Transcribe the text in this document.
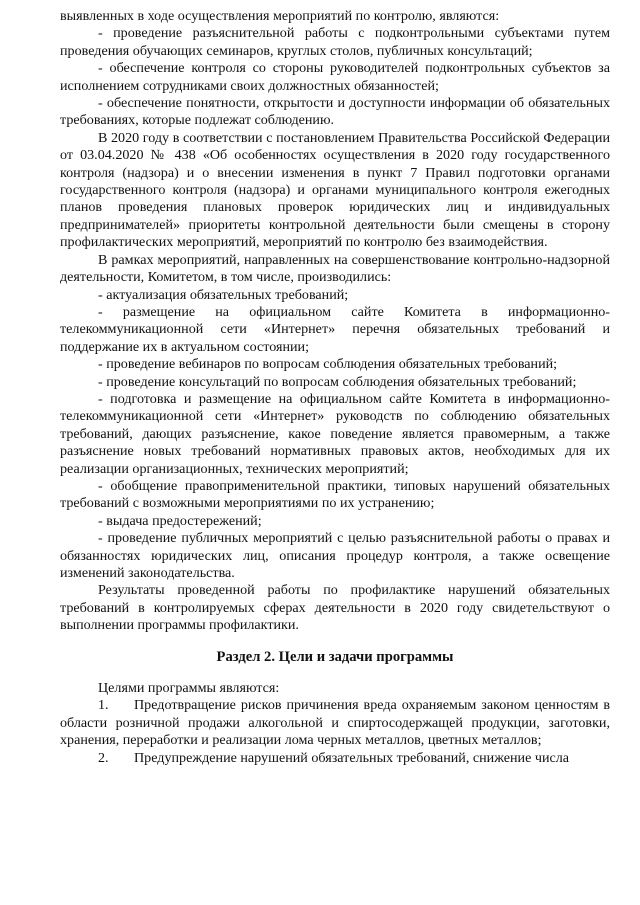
выявленных в ходе осуществления мероприятий по контролю, являются:

- проведение разъяснительной работы с подконтрольными субъектами путем проведения обучающих семинаров, круглых столов, публичных консультаций;

- обеспечение контроля со стороны руководителей подконтрольных субъектов за исполнением сотрудниками своих должностных обязанностей;

- обеспечение понятности, открытости и доступности информации об обязательных требованиях, которые подлежат соблюдению.

В 2020 году в соответствии с постановлением Правительства Российской Федерации от 03.04.2020 № 438 «Об особенностях осуществления в 2020 году государственного контроля (надзора) и о внесении изменения в пункт 7 Правил подготовки органами государственного контроля (надзора) и органами муниципального контроля ежегодных планов проведения плановых проверок юридических лиц и индивидуальных предпринимателей» приоритеты контрольной деятельности были смещены в сторону профилактических мероприятий, мероприятий по контролю без взаимодействия.

В рамках мероприятий, направленных на совершенствование контрольно-надзорной деятельности, Комитетом, в том числе, производились:

- актуализация обязательных требований;

- размещение на официальном сайте Комитета в информационно-телекоммуникационной сети «Интернет» перечня обязательных требований и поддержание их в актуальном состоянии;

- проведение вебинаров по вопросам соблюдения обязательных требований;

- проведение консультаций по вопросам соблюдения обязательных требований;

- подготовка и размещение на официальном сайте Комитета в информационно-телекоммуникационной сети «Интернет» руководств по соблюдению обязательных требований, дающих разъяснение, какое поведение является правомерным, а также разъяснение новых требований нормативных правовых актов, необходимых для их реализации организационных, технических мероприятий;

- обобщение правоприменительной практики, типовых нарушений обязательных требований с возможными мероприятиями по их устранению;

- выдача предостережений;

- проведение публичных мероприятий с целью разъяснительной работы о правах и обязанностях юридических лиц, описания процедур контроля, а также освещение изменений законодательства.

Результаты проведенной работы по профилактике нарушений обязательных требований в контролируемых сферах деятельности в 2020 году свидетельствуют о выполнении программы профилактики.

Раздел 2. Цели и задачи программы

Целями программы являются:

1. Предотвращение рисков причинения вреда охраняемым законом ценностям в области розничной продажи алкогольной и спиртосодержащей продукции, заготовки, хранения, переработки и реализации лома черных металлов, цветных металлов;

2. Предупреждение нарушений обязательных требований, снижение числа
